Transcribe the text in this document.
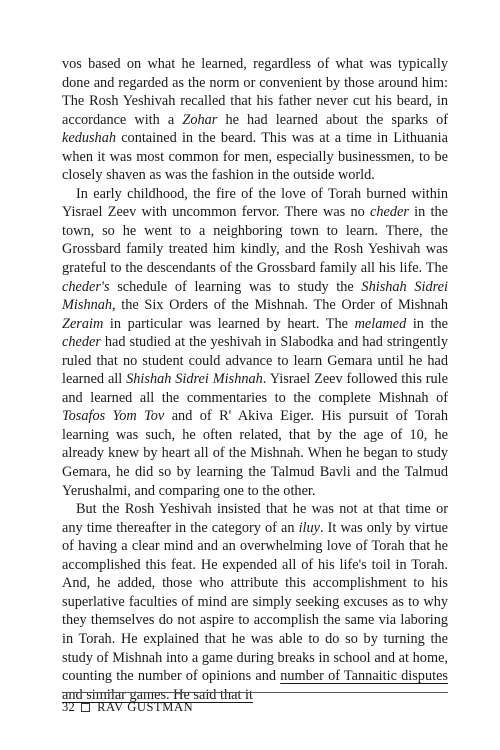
vos based on what he learned, regardless of what was typically done and regarded as the norm or convenient by those around him: The Rosh Yeshivah recalled that his father never cut his beard, in accordance with a Zohar he had learned about the sparks of kedushah contained in the beard. This was at a time in Lithuania when it was most common for men, especially businessmen, to be closely shaven as was the fashion in the outside world.

In early childhood, the fire of the love of Torah burned within Yisrael Zeev with uncommon fervor. There was no cheder in the town, so he went to a neighboring town to learn. There, the Grossbard family treated him kindly, and the Rosh Yeshivah was grateful to the descendants of the Grossbard family all his life. The cheder's schedule of learning was to study the Shishah Sidrei Mishnah, the Six Orders of the Mishnah. The Order of Mishnah Zeraim in particular was learned by heart. The melamed in the cheder had studied at the yeshivah in Slabodka and had stringently ruled that no student could advance to learn Gemara until he had learned all Shishah Sidrei Mishnah. Yisrael Zeev followed this rule and learned all the commentaries to the complete Mishnah of Tosafos Yom Tov and of R' Akiva Eiger. His pursuit of Torah learning was such, he often related, that by the age of 10, he already knew by heart all of the Mishnah. When he began to study Gemara, he did so by learning the Talmud Bavli and the Talmud Yerushalmi, and comparing one to the other.

But the Rosh Yeshivah insisted that he was not at that time or any time thereafter in the category of an iluy. It was only by virtue of having a clear mind and an overwhelming love of Torah that he accomplished this feat. He expended all of his life's toil in Torah. And, he added, those who attribute this accomplishment to his superlative faculties of mind are simply seeking excuses as to why they themselves do not aspire to accomplish the same via laboring in Torah. He explained that he was able to do so by turning the study of Mishnah into a game during breaks in school and at home, counting the number of opinions and number of Tannaitic disputes and similar games. He said that it

32 RAV GUSTMAN
